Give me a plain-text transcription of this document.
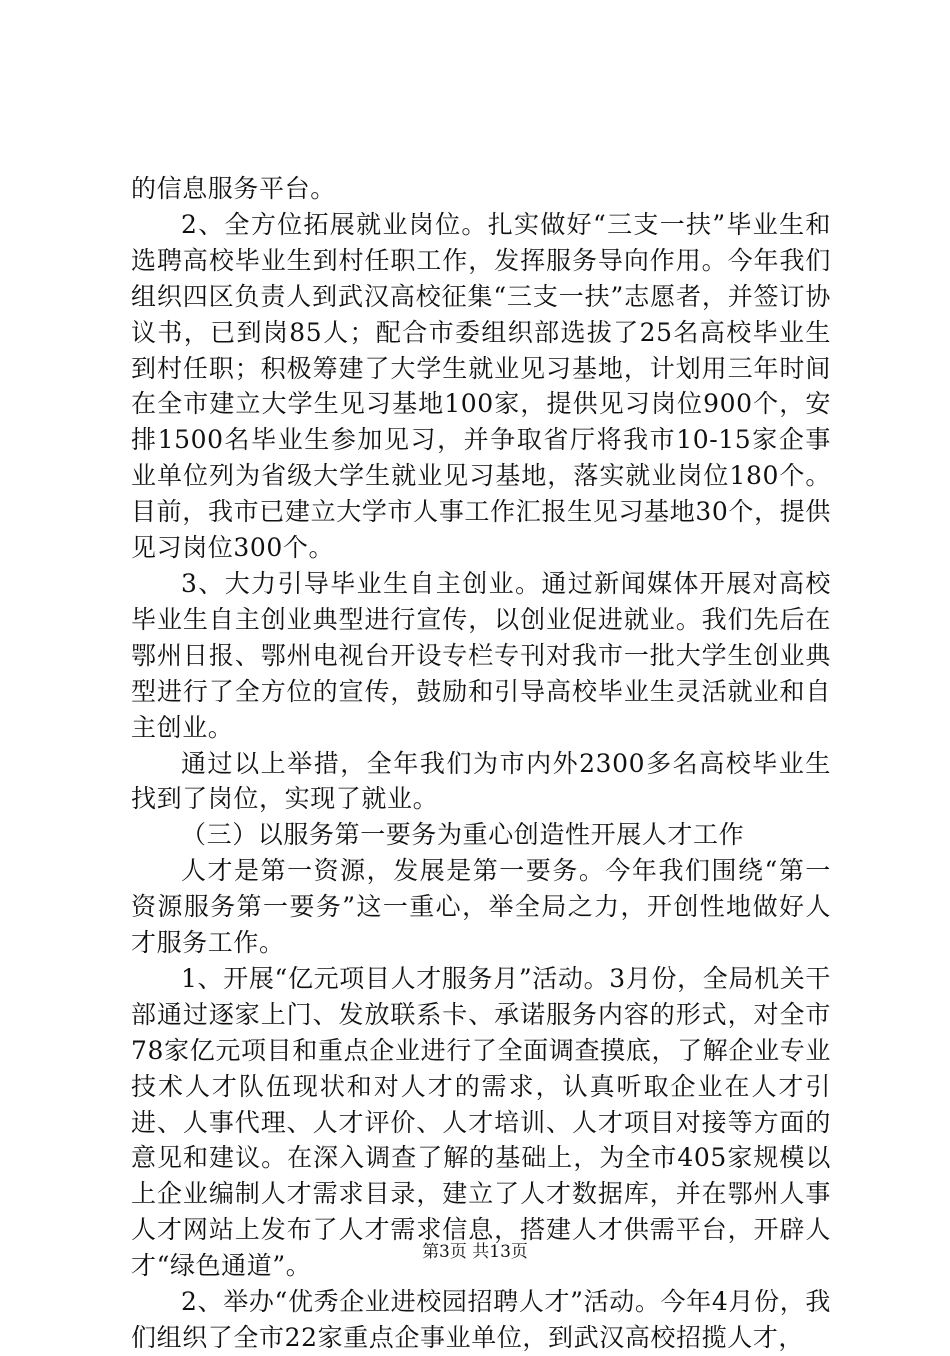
的信息服务平台。

2、全方位拓展就业岗位。扎实做好“三支一扶”毕业生和选聘高校毕业生到村任职工作，发挥服务导向作用。今年我们组织四区负责人到武汉高校征集“三支一扶”志愿者，并签订协议书，已到岗85人；配合市委组织部选拔了25名高校毕业生到村任职；积极筹建了大学生就业见习基地，计划用三年时间在全市建立大学生见习基地100家，提供见习岗位900个，安排1500名毕业生参加见习，并争取省厅将我市10-15家企事业单位列为省级大学生就业见习基地，落实就业岗位180个。目前，我市已建立大学市人事工作汇报生见习基地30个，提供见习岗位300个。

3、大力引导毕业生自主创业。通过新闻媒体开展对高校毕业生自主创业典型进行宣传，以创业促进就业。我们先后在鄂州日报、鄂州电视台开设专栏专刊对我市一批大学生创业典型进行了全方位的宣传，鼓励和引导高校毕业生灵活就业和自主创业。

通过以上举措，全年我们为市内外2300多名高校毕业生找到了岗位，实现了就业。

（三）以服务第一要务为重心创造性开展人才工作

人才是第一资源，发展是第一要务。今年我们围绕“第一资源服务第一要务”这一重心，举全局之力，开创性地做好人才服务工作。

1、开展“亿元项目人才服务月”活动。3月份，全局机关干部通过逐家上门、发放联系卡、承诺服务内容的形式，对全市78家亿元项目和重点企业进行了全面调查摸底，了解企业专业技术人才队伍现状和对人才的需求，认真听取企业在人才引进、人事代理、人才评价、人才培训、人才项目对接等方面的意见和建议。在深入调查了解的基础上，为全市405家规模以上企业编制人才需求目录，建立了人才数据库，并在鄂州人事人才网站上发布了人才需求信息，搭建人才供需平台，开辟人才“绿色通道”。

2、举办“优秀企业进校园招聘人才”活动。今年4月份，我们组织了全市22家重点企事业单位，到武汉高校招揽人才，

第3页 共13页
